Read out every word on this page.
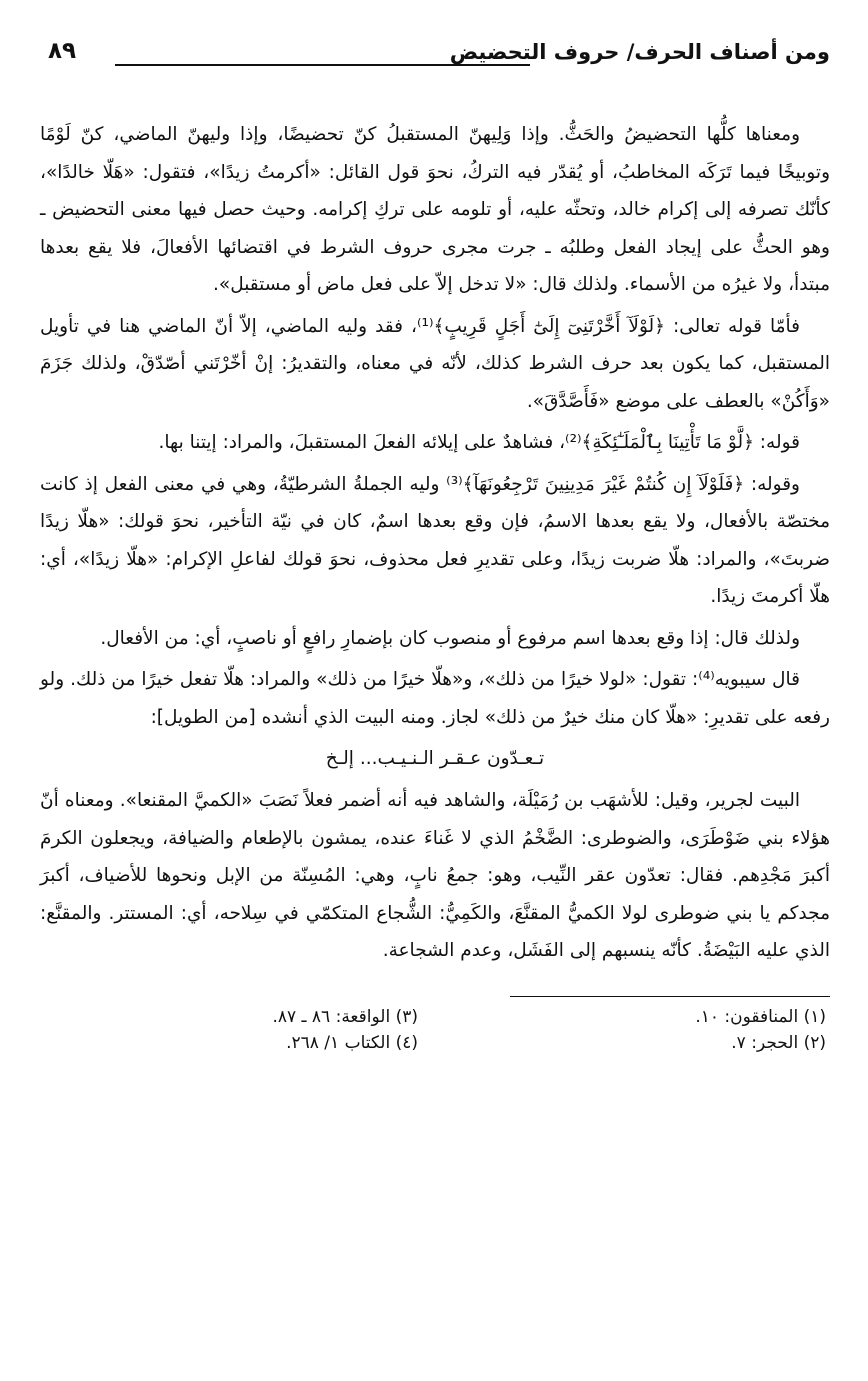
ومن أصناف الحرف/ حروف التحضيض
٨٩

ومعناها كلُّها التحضيضُ والحَثُّ. وإذا وَلِيهنّ المستقبلُ كنّ تحضيضًا، وإذا وليهنّ الماضي، كنّ لَوْمًا وتوبيخًا فيما تَرَكَه المخاطبُ، أو يُقدّر فيه التركُ، نحوَ قول القائل: «أكرمتُ زيدًا»، فتقول: «هَلّا خالدًا»، كأنّك تصرفه إلى إكرام خالد، وتحثّه عليه، أو تلومه على تركِ إكرامه. وحيث حصل فيها معنى التحضيض ـ وهو الحثُّ على إيجاد الفعل وطلبُه ـ جرت مجرى حروف الشرط في اقتضائها الأفعالَ، فلا يقع بعدها مبتدأ، ولا غيرُه من الأسماء. ولذلك قال: «لا تدخل إلاّ على فعل ماض أو مستقبل».

فأمّا قوله تعالى: ﴿لَوْلَآ أَخَّرْتَنِىٓ إِلَىٰٓ أَجَلٍ قَرِيبٍ﴾⁽¹⁾، فقد وليه الماضي، إلاّ أنّ الماضي هنا في تأويل المستقبل، كما يكون بعد حرف الشرط كذلك، لأنّه في معناه، والتقديرُ: إنْ أخّرْتَني أصّدّقْ، ولذلك جَزَمَ «وَأَكُنْ» بالعطف على موضع «فَأَصَّدَّقَ».

قوله: ﴿لَّوْ مَا تَأْتِينَا بِٱلْمَلَـٰٓئِكَةِ﴾⁽²⁾، فشاهدٌ على إيلائه الفعلَ المستقبلَ، والمراد: إيتنا بها.

وقوله: ﴿فَلَوْلَآ إِن كُنتُمْ غَيْرَ مَدِينِينَ تَرْجِعُونَهَآ﴾⁽³⁾ وليه الجملةُ الشرطيّةُ، وهي في معنى الفعل إذ كانت مختصّة بالأفعال، ولا يقع بعدها الاسمُ، فإن وقع بعدها اسمٌ، كان في نيّة التأخير، نحوَ قولك: «هلّا زيدًا ضربتَ»، والمراد: هلّا ضربت زيدًا، وعلى تقديرِ فعل محذوف، نحوَ قولك لفاعلِ الإكرام: «هلّا زيدًا»، أي: هلّا أكرمتَ زيدًا.

ولذلك قال: إذا وقع بعدها اسم مرفوع أو منصوب كان بإضمارِ رافعٍ أو ناصبٍ، أي: من الأفعال.

قال سيبويه⁽⁴⁾: تقول: «لولا خيرًا من ذلك»، و«هلّا خيرًا من ذلك» والمراد: هلّا تفعل خيرًا من ذلك. ولو رفعه على تقديرِ: «هلّا كان منك خيرٌ من ذلك» لجاز. ومنه البيت الذي أنشده [من الطويل]:

تـعـدّون عـقـر الـنـيـب... إلـخ

البيت لجرير، وقيل: للأشهَب بن رُمَيْلَة، والشاهد فيه أنه أضمر فعلاً نَصَبَ «الكميَّ المقنعا». ومعناه أنّ هؤلاء بني ضَوْطَرَى، والضوطرى: الضَّخْمُ الذي لا غَناءَ عنده، يمشون بالإطعام والضيافة، ويجعلون الكرمَ أكبرَ مَجْدِهم. فقال: تعدّون عقر النِّيب، وهو: جمعُ نابٍ، وهي: المُسِنّة من الإبل ونحوها للأضياف، أكبرَ مجدكم يا بني ضوطرى لولا الكميُّ المقنَّعَ، والكَمِيُّ: الشُّجاع المتكمّي في سِلاحه، أي: المستتر. والمقنَّع: الذي عليه البَيْضَةُ. كأنّه ينسبهم إلى الفَشَل، وعدم الشجاعة.

(١) المنافقون: ١٠.
(٣) الواقعة: ٨٦ ـ ٨٧.
(٢) الحجر: ٧.
(٤) الكتاب ١/ ٢٦٨.
